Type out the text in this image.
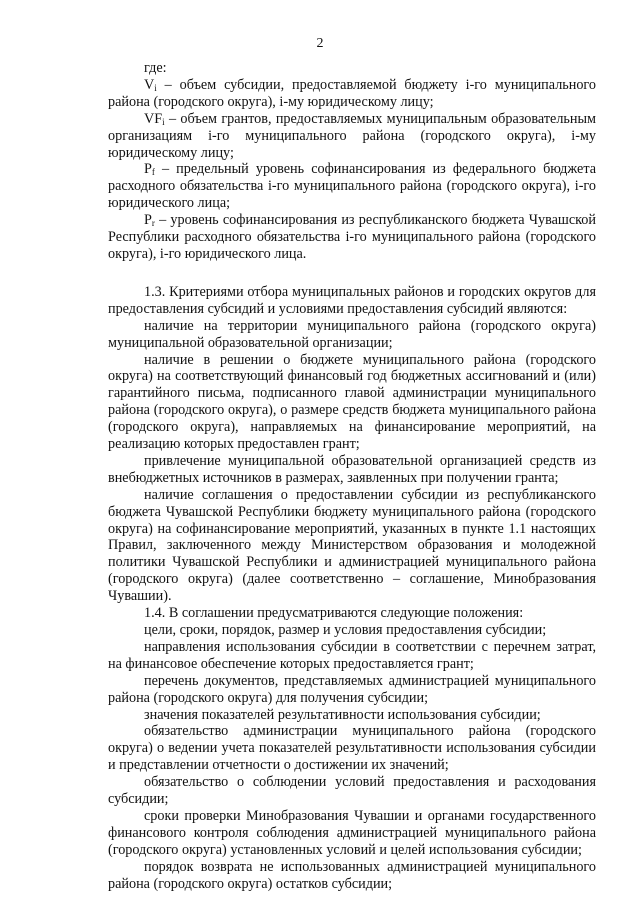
2

где:

$V_i$ – объем субсидии, предоставляемой бюджету i-го муниципального района (городского округа), i-му юридическому лицу;

$VF_i$ – объем грантов, предоставляемых муниципальным образовательным организациям i-го муниципального района (городского округа), i-му юридическому лицу;

$P_f$ – предельный уровень софинансирования из федерального бюджета расходного обязательства i-го муниципального района (городского округа), i-го юридического лица;

$P_r$ – уровень софинансирования из республиканского бюджета Чувашской Республики расходного обязательства i-го муниципального района (городского округа), i-го юридического лица.

1.3. Критериями отбора муниципальных районов и городских округов для предоставления субсидий и условиями предоставления субсидий являются:

наличие на территории муниципального района (городского округа) муниципальной образовательной организации;

наличие в решении о бюджете муниципального района (городского округа) на соответствующий финансовый год бюджетных ассигнований и (или) гарантийного письма, подписанного главой администрации муниципального района (городского округа), о размере средств бюджета муниципального района (городского округа), направляемых на финансирование мероприятий, на реализацию которых предоставлен грант;

привлечение муниципальной образовательной организацией средств из внебюджетных источников в размерах, заявленных при получении гранта;

наличие соглашения о предоставлении субсидии из республиканского бюджета Чувашской Республики бюджету муниципального района (городского округа) на софинансирование мероприятий, указанных в пункте 1.1 настоящих Правил, заключенного между Министерством образования и молодежной политики Чувашской Республики и администрацией муниципального района (городского округа) (далее соответственно – соглашение, Минобразования Чувашии).

1.4. В соглашении предусматриваются следующие положения:

цели, сроки, порядок, размер и условия предоставления субсидии;

направления использования субсидии в соответствии с перечнем затрат, на финансовое обеспечение которых предоставляется грант;

перечень документов, представляемых администрацией муниципального района (городского округа) для получения субсидии;

значения показателей результативности использования субсидии;

обязательство администрации муниципального района (городского округа) о ведении учета показателей результативности использования субсидии и представлении отчетности о достижении их значений;

обязательство о соблюдении условий предоставления и расходования субсидии;

сроки проверки Минобразования Чувашии и органами государственного финансового контроля соблюдения администрацией муниципального района (городского округа) установленных условий и целей использования субсидии;

порядок возврата не использованных администрацией муниципального района (городского округа) остатков субсидии;
